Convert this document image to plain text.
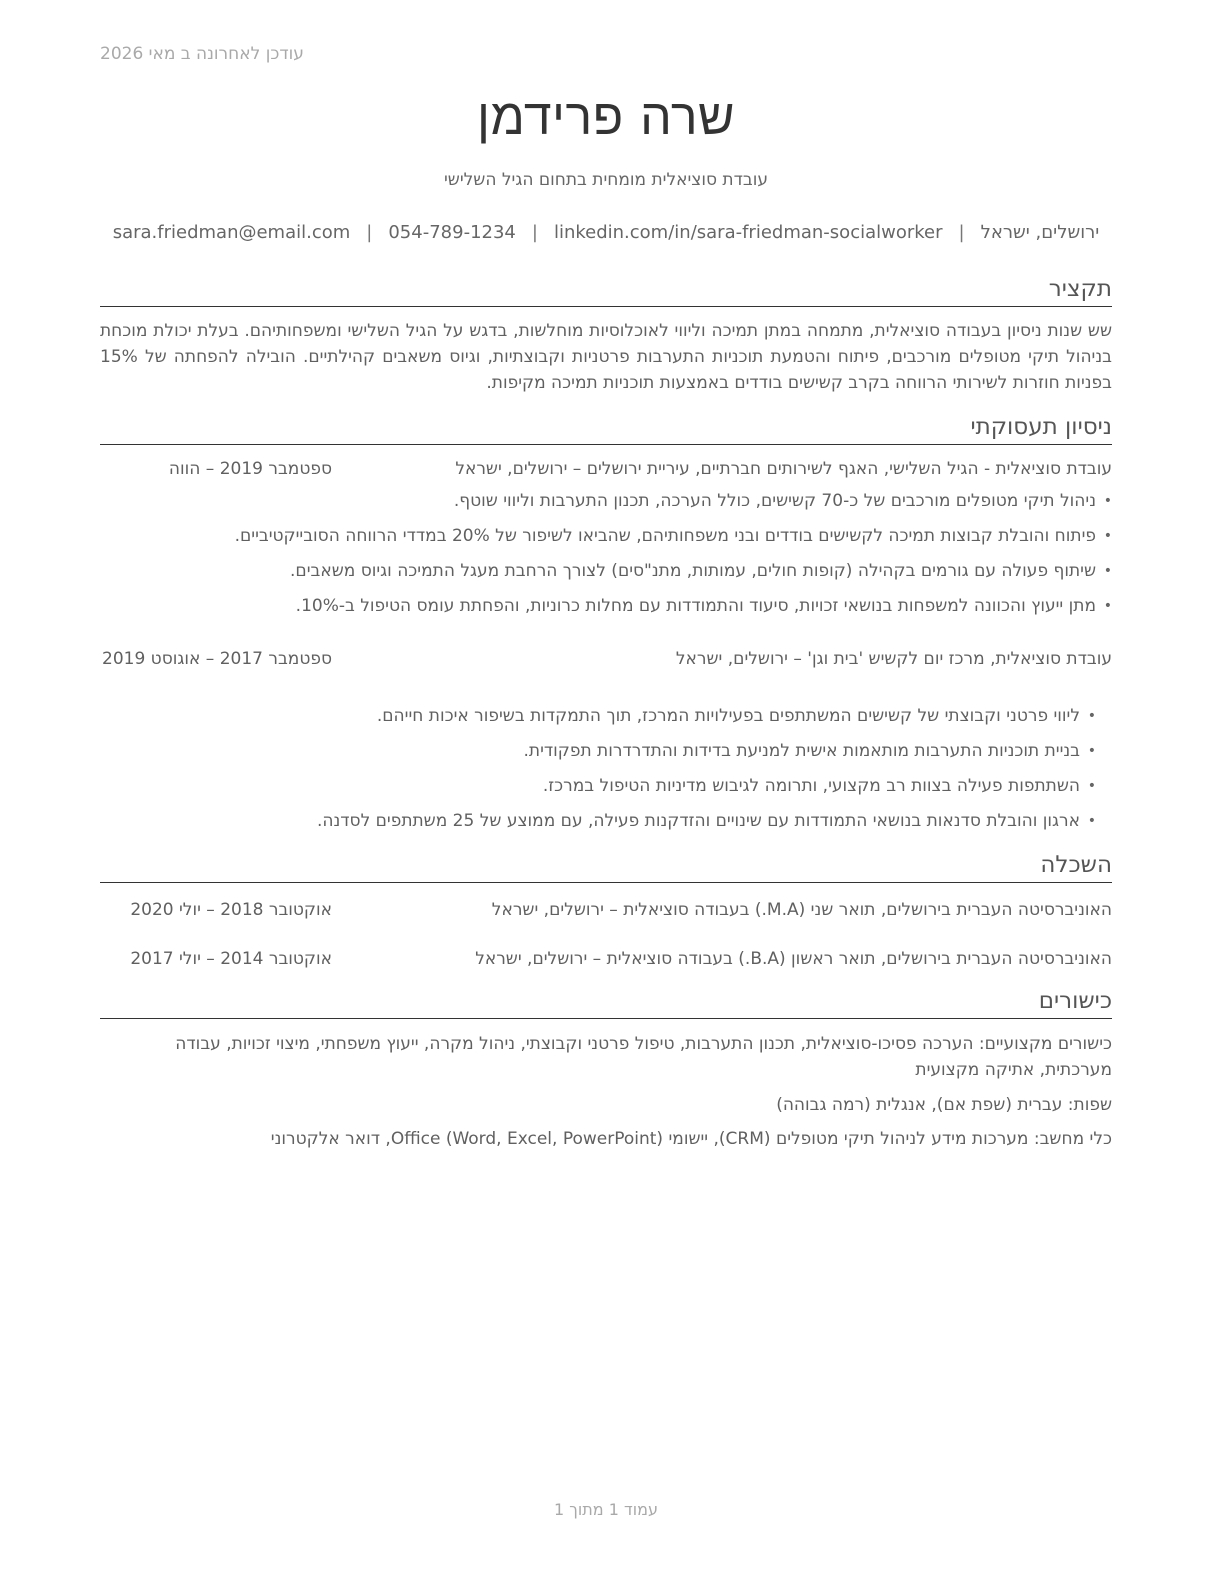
עודכן לאחרונה ב מאי 2026
שרה פרידמן
עובדת סוציאלית מומחית בתחום הגיל השלישי
ירושלים, ישראל|sara.friedman@email.com | 054-789-1234 | linkedin.com/in/sara-friedman-socialworker
תקציר
שש שנות ניסיון בעבודה סוציאלית, מתמחה במתן תמיכה וליווי לאוכלוסיות מוחלשות, בדגש על הגיל השלישי ומשפחותיהם. בעלת יכולת מוכחת בניהול תיקי מטופלים מורכבים, פיתוח והטמעת תוכניות התערבות פרטניות וקבוצתיות, וגיוס משאבים קהילתיים. הובילה להפחתה של 15% בפניות חוזרות לשירותי הרווחה בקרב קשישים בודדים באמצעות תוכניות תמיכה מקיפות.
ניסיון תעסוקתי
עובדת סוציאלית - הגיל השלישי, האגף לשירותים חברתיים, עיריית ירושלים – ירושלים, ישראל
ספטמבר 2019 – הווה
• ניהול תיקי מטופלים מורכבים של כ-70 קשישים, כולל הערכה, תכנון התערבות וליווי שוטף.
• פיתוח והובלת קבוצות תמיכה לקשישים בודדים ובני משפחותיהם, שהביאו לשיפור של 20% במדדי הרווחה הסובייקטיביים.
• שיתוף פעולה עם גורמים בקהילה (קופות חולים, עמותות, מתנ"סים) לצורך הרחבת מעגל התמיכה וגיוס משאבים.
• מתן ייעוץ והכוונה למשפחות בנושאי זכויות, סיעוד והתמודדות עם מחלות כרוניות, והפחתת עומס הטיפול ב-10%.
עובדת סוציאלית, מרכז יום לקשיש 'בית וגן' – ירושלים, ישראל
ספטמבר 2017 – אוגוסט 2019
• ליווי פרטני וקבוצתי של קשישים המשתתפים בפעילויות המרכז, תוך התמקדות בשיפור איכות חייהם.
• בניית תוכניות התערבות מותאמות אישית למניעת בדידות והתדרדרות תפקודית.
• השתתפות פעילה בצוות רב מקצועי, ותרומה לגיבוש מדיניות הטיפול במרכז.
• ארגון והובלת סדנאות בנושאי התמודדות עם שינויים והזדקנות פעילה, עם ממוצע של 25 משתתפים לסדנה.
השכלה
האוניברסיטה העברית בירושלים, תואר שני (M.A.) בעבודה סוציאלית – ירושלים, ישראל
אוקטובר 2018 – יולי 2020
האוניברסיטה העברית בירושלים, תואר ראשון (B.A.) בעבודה סוציאלית – ירושלים, ישראל
אוקטובר 2014 – יולי 2017
כישורים
כישורים מקצועיים: הערכה פסיכו-סוציאלית, תכנון התערבות, טיפול פרטני וקבוצתי, ניהול מקרה, ייעוץ משפחתי, מיצוי זכויות, עבודה מערכתית, אתיקה מקצועית
שפות: עברית (שפת אם), אנגלית (רמה גבוהה)
כלי מחשב: מערכות מידע לניהול תיקי מטופלים (CRM), יישומי Office (Word, Excel, PowerPoint), דואר אלקטרוני
עמוד 1 מתוך 1
